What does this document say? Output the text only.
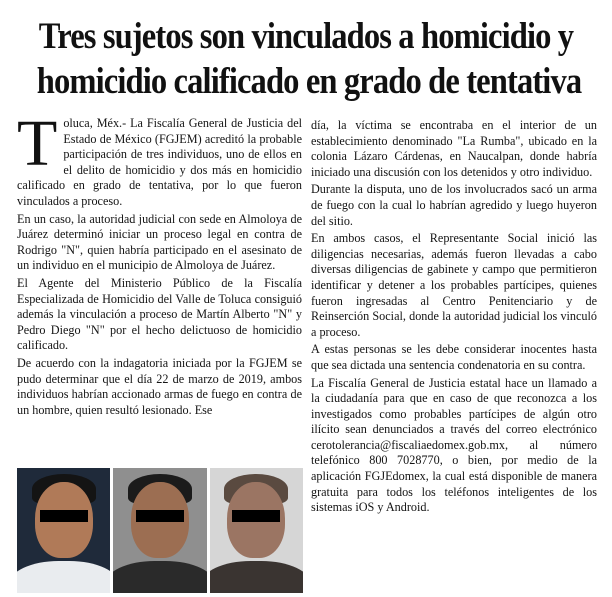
Tres sujetos son vinculados a homicidio y
homicidio calificado en grado de tentativa

Toluca, Méx.- La Fiscalía General de Justicia del Estado de México (FGJEM) acreditó la probable participación de tres individuos, uno de ellos en el delito de homicidio y dos más en homicidio calificado en grado de tentativa, por lo que fueron vinculados a proceso.

En un caso, la autoridad judicial con sede en Almoloya de Juárez determinó iniciar un proceso legal en contra de Rodrigo "N", quien habría participado en el asesinato de un individuo en el municipio de Almoloya de Juárez.

El Agente del Ministerio Público de la Fiscalía Especializada de Homicidio del Valle de Toluca consiguió además la vinculación a proceso de Martín Alberto "N" y Pedro Diego "N" por el hecho delictuoso de homicidio calificado.

De acuerdo con la indagatoria iniciada por la FGJEM se pudo determinar que el día 22 de marzo de 2019, ambos individuos habrían accionado armas de fuego en contra de un hombre, quien resultó lesionado. Ese

día, la víctima se encontraba en el interior de un establecimiento denominado "La Rumba", ubicado en la colonia Lázaro Cárdenas, en Naucalpan, donde habría iniciado una discusión con los detenidos y otro individuo.

Durante la disputa, uno de los involucrados sacó un arma de fuego con la cual lo habrían agredido y luego huyeron del sitio.

En ambos casos, el Representante Social inició las diligencias necesarias, además fueron llevadas a cabo diversas diligencias de gabinete y campo que permitieron identificar y detener a los probables partícipes, quienes fueron ingresadas al Centro Penitenciario y de Reinserción Social, donde la autoridad judicial los vinculó a proceso.

A estas personas se les debe considerar inocentes hasta que sea dictada una sentencia condenatoria en su contra.

La Fiscalía General de Justicia estatal hace un llamado a la ciudadanía para que en caso de que reconozca a los investigados como probables partícipes de algún otro ilícito sean denunciados a través del correo electrónico cerotolerancia@fiscaliaedomex.gob.mx, al número telefónico 800 7028770, o bien, por medio de la aplicación FGJEdomex, la cual está disponible de manera gratuita para todos los teléfonos inteligentes de los sistemas iOS y Android.
